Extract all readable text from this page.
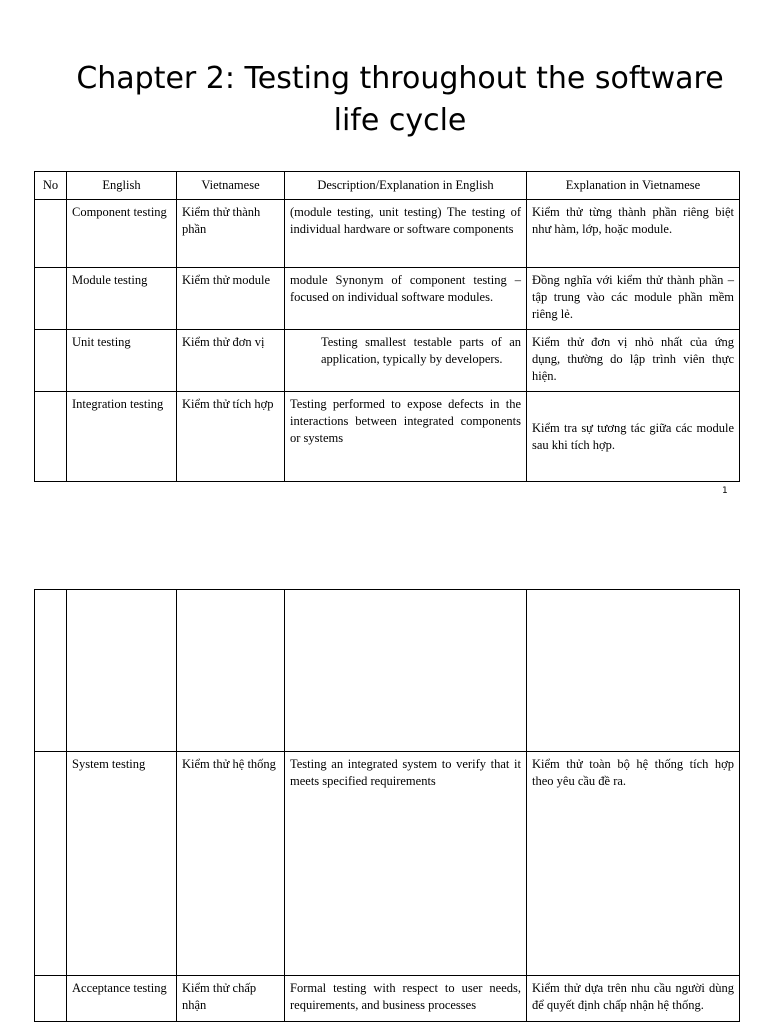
Chapter 2: Testing throughout the software
life cycle
No	English	Vietnamese	Description/Explanation in English	Explanation in Vietnamese
	Component testing	Kiểm thử thành phần	(module testing, unit testing) The testing of individual hardware or software components	Kiểm thử từng thành phần riêng biệt như hàm, lớp, hoặc module.
	Module testing	Kiểm thử module	module Synonym of component testing – focused on individual software modules.	Đồng nghĩa với kiểm thử thành phần – tập trung vào các module phần mềm riêng lẻ.
	Unit testing	Kiểm thử đơn vị	Testing smallest testable parts of an application, typically by developers.	Kiểm thử đơn vị nhỏ nhất của ứng dụng, thường do lập trình viên thực hiện.
	Integration testing	Kiểm thử tích hợp	Testing performed to expose defects in the interactions between integrated components or systems	Kiểm tra sự tương tác giữa các module sau khi tích hợp.
1

	System testing	Kiểm thử hệ thống	Testing an integrated system to verify that it meets specified requirements	Kiểm thử toàn bộ hệ thống tích hợp theo yêu cầu đề ra.
	Acceptance testing	Kiểm thử chấp nhận	Formal testing with respect to user needs, requirements, and business processes	Kiểm thử dựa trên nhu cầu người dùng để quyết định chấp nhận hệ thống.
